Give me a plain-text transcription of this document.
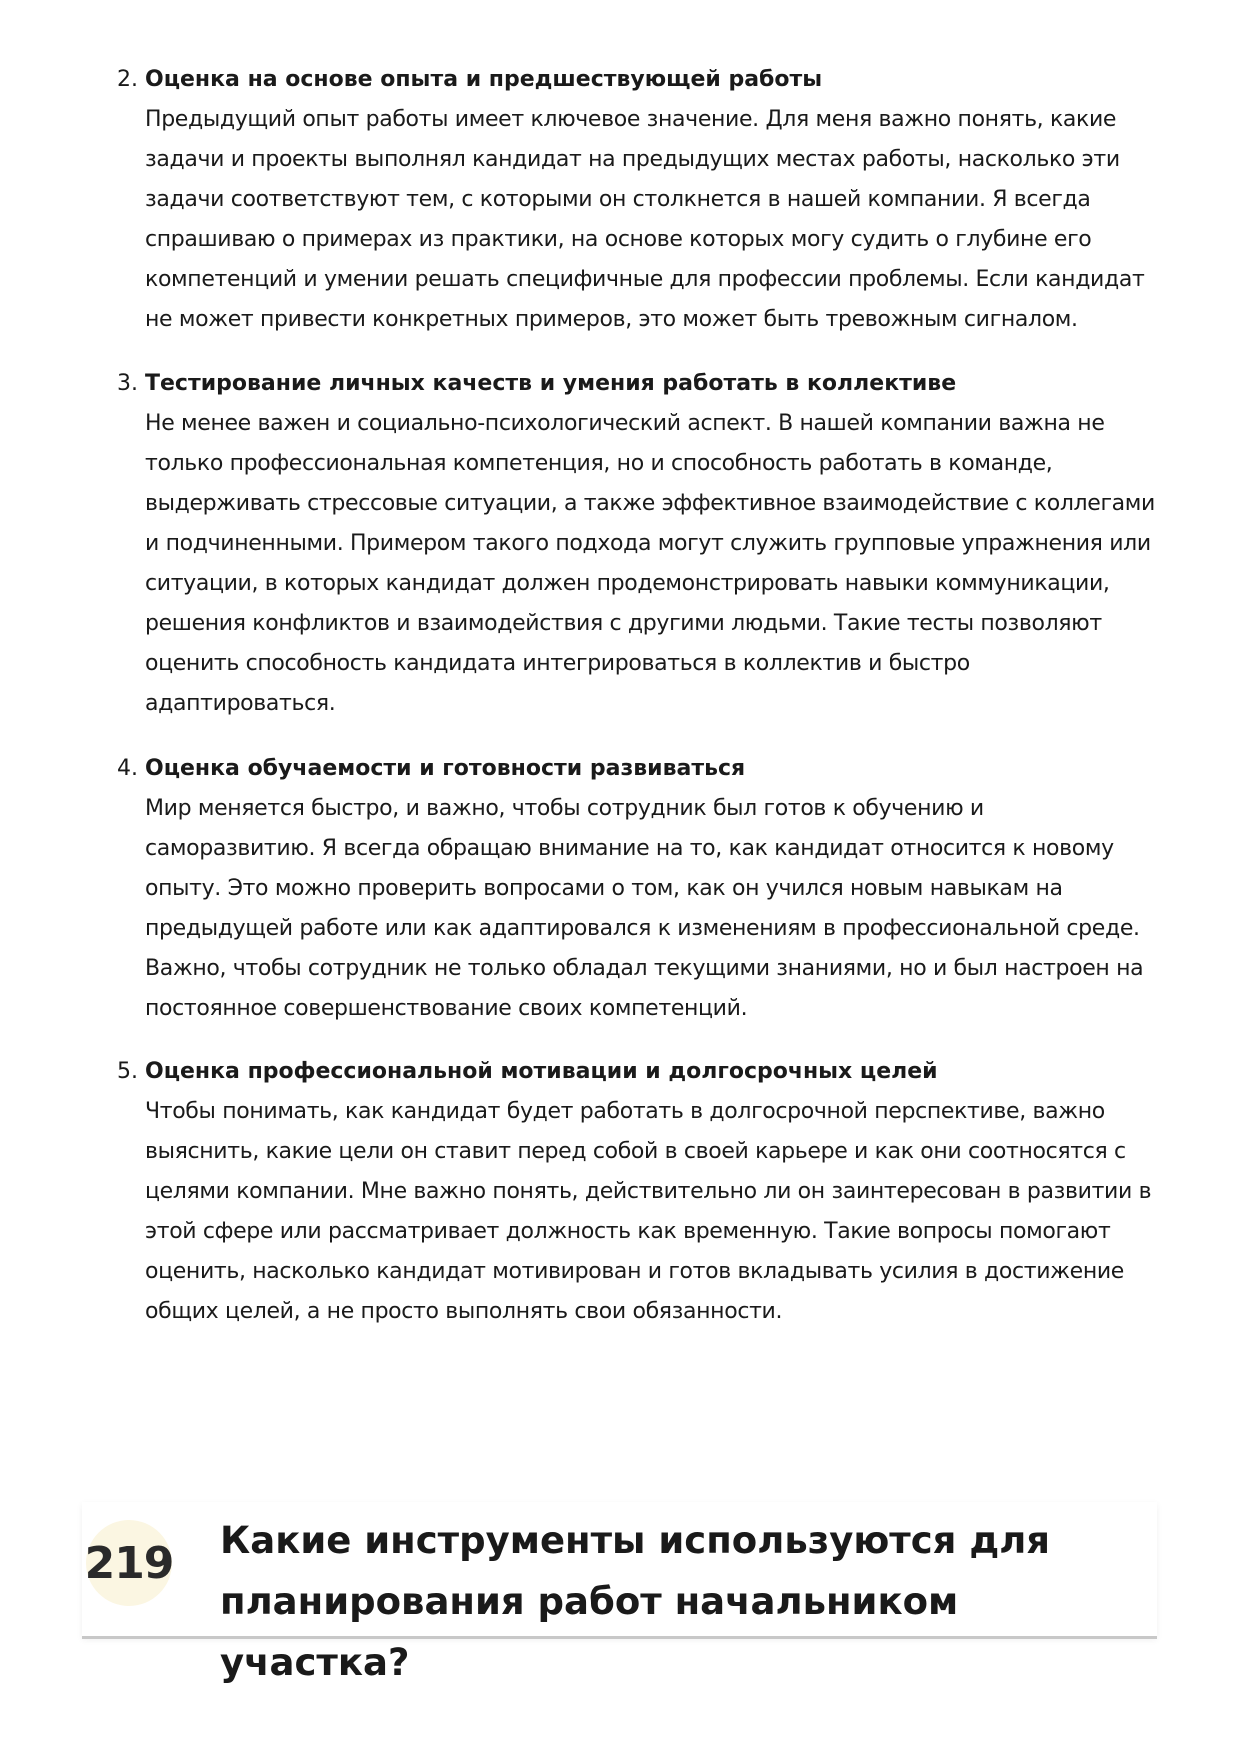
2. Оценка на основе опыта и предшествующей работы
Предыдущий опыт работы имеет ключевое значение. Для меня важно понять, какие задачи и проекты выполнял кандидат на предыдущих местах работы, насколько эти задачи соответствуют тем, с которыми он столкнется в нашей компании. Я всегда спрашиваю о примерах из практики, на основе которых могу судить о глубине его компетенций и умении решать специфичные для профессии проблемы. Если кандидат не может привести конкретных примеров, это может быть тревожным сигналом.
3. Тестирование личных качеств и умения работать в коллективе
Не менее важен и социально-психологический аспект. В нашей компании важна не только профессиональная компетенция, но и способность работать в команде, выдерживать стрессовые ситуации, а также эффективное взаимодействие с коллегами и подчиненными. Примером такого подхода могут служить групповые упражнения или ситуации, в которых кандидат должен продемонстрировать навыки коммуникации, решения конфликтов и взаимодействия с другими людьми. Такие тесты позволяют оценить способность кандидата интегрироваться в коллектив и быстро адаптироваться.
4. Оценка обучаемости и готовности развиваться
Мир меняется быстро, и важно, чтобы сотрудник был готов к обучению и саморазвитию. Я всегда обращаю внимание на то, как кандидат относится к новому опыту. Это можно проверить вопросами о том, как он учился новым навыкам на предыдущей работе или как адаптировался к изменениям в профессиональной среде. Важно, чтобы сотрудник не только обладал текущими знаниями, но и был настроен на постоянное совершенствование своих компетенций.
5. Оценка профессиональной мотивации и долгосрочных целей
Чтобы понимать, как кандидат будет работать в долгосрочной перспективе, важно выяснить, какие цели он ставит перед собой в своей карьере и как они соотносятся с целями компании. Мне важно понять, действительно ли он заинтересован в развитии в этой сфере или рассматривает должность как временную. Такие вопросы помогают оценить, насколько кандидат мотивирован и готов вкладывать усилия в достижение общих целей, а не просто выполнять свои обязанности.
219 Какие инструменты используются для
планирования работ начальником участка?
